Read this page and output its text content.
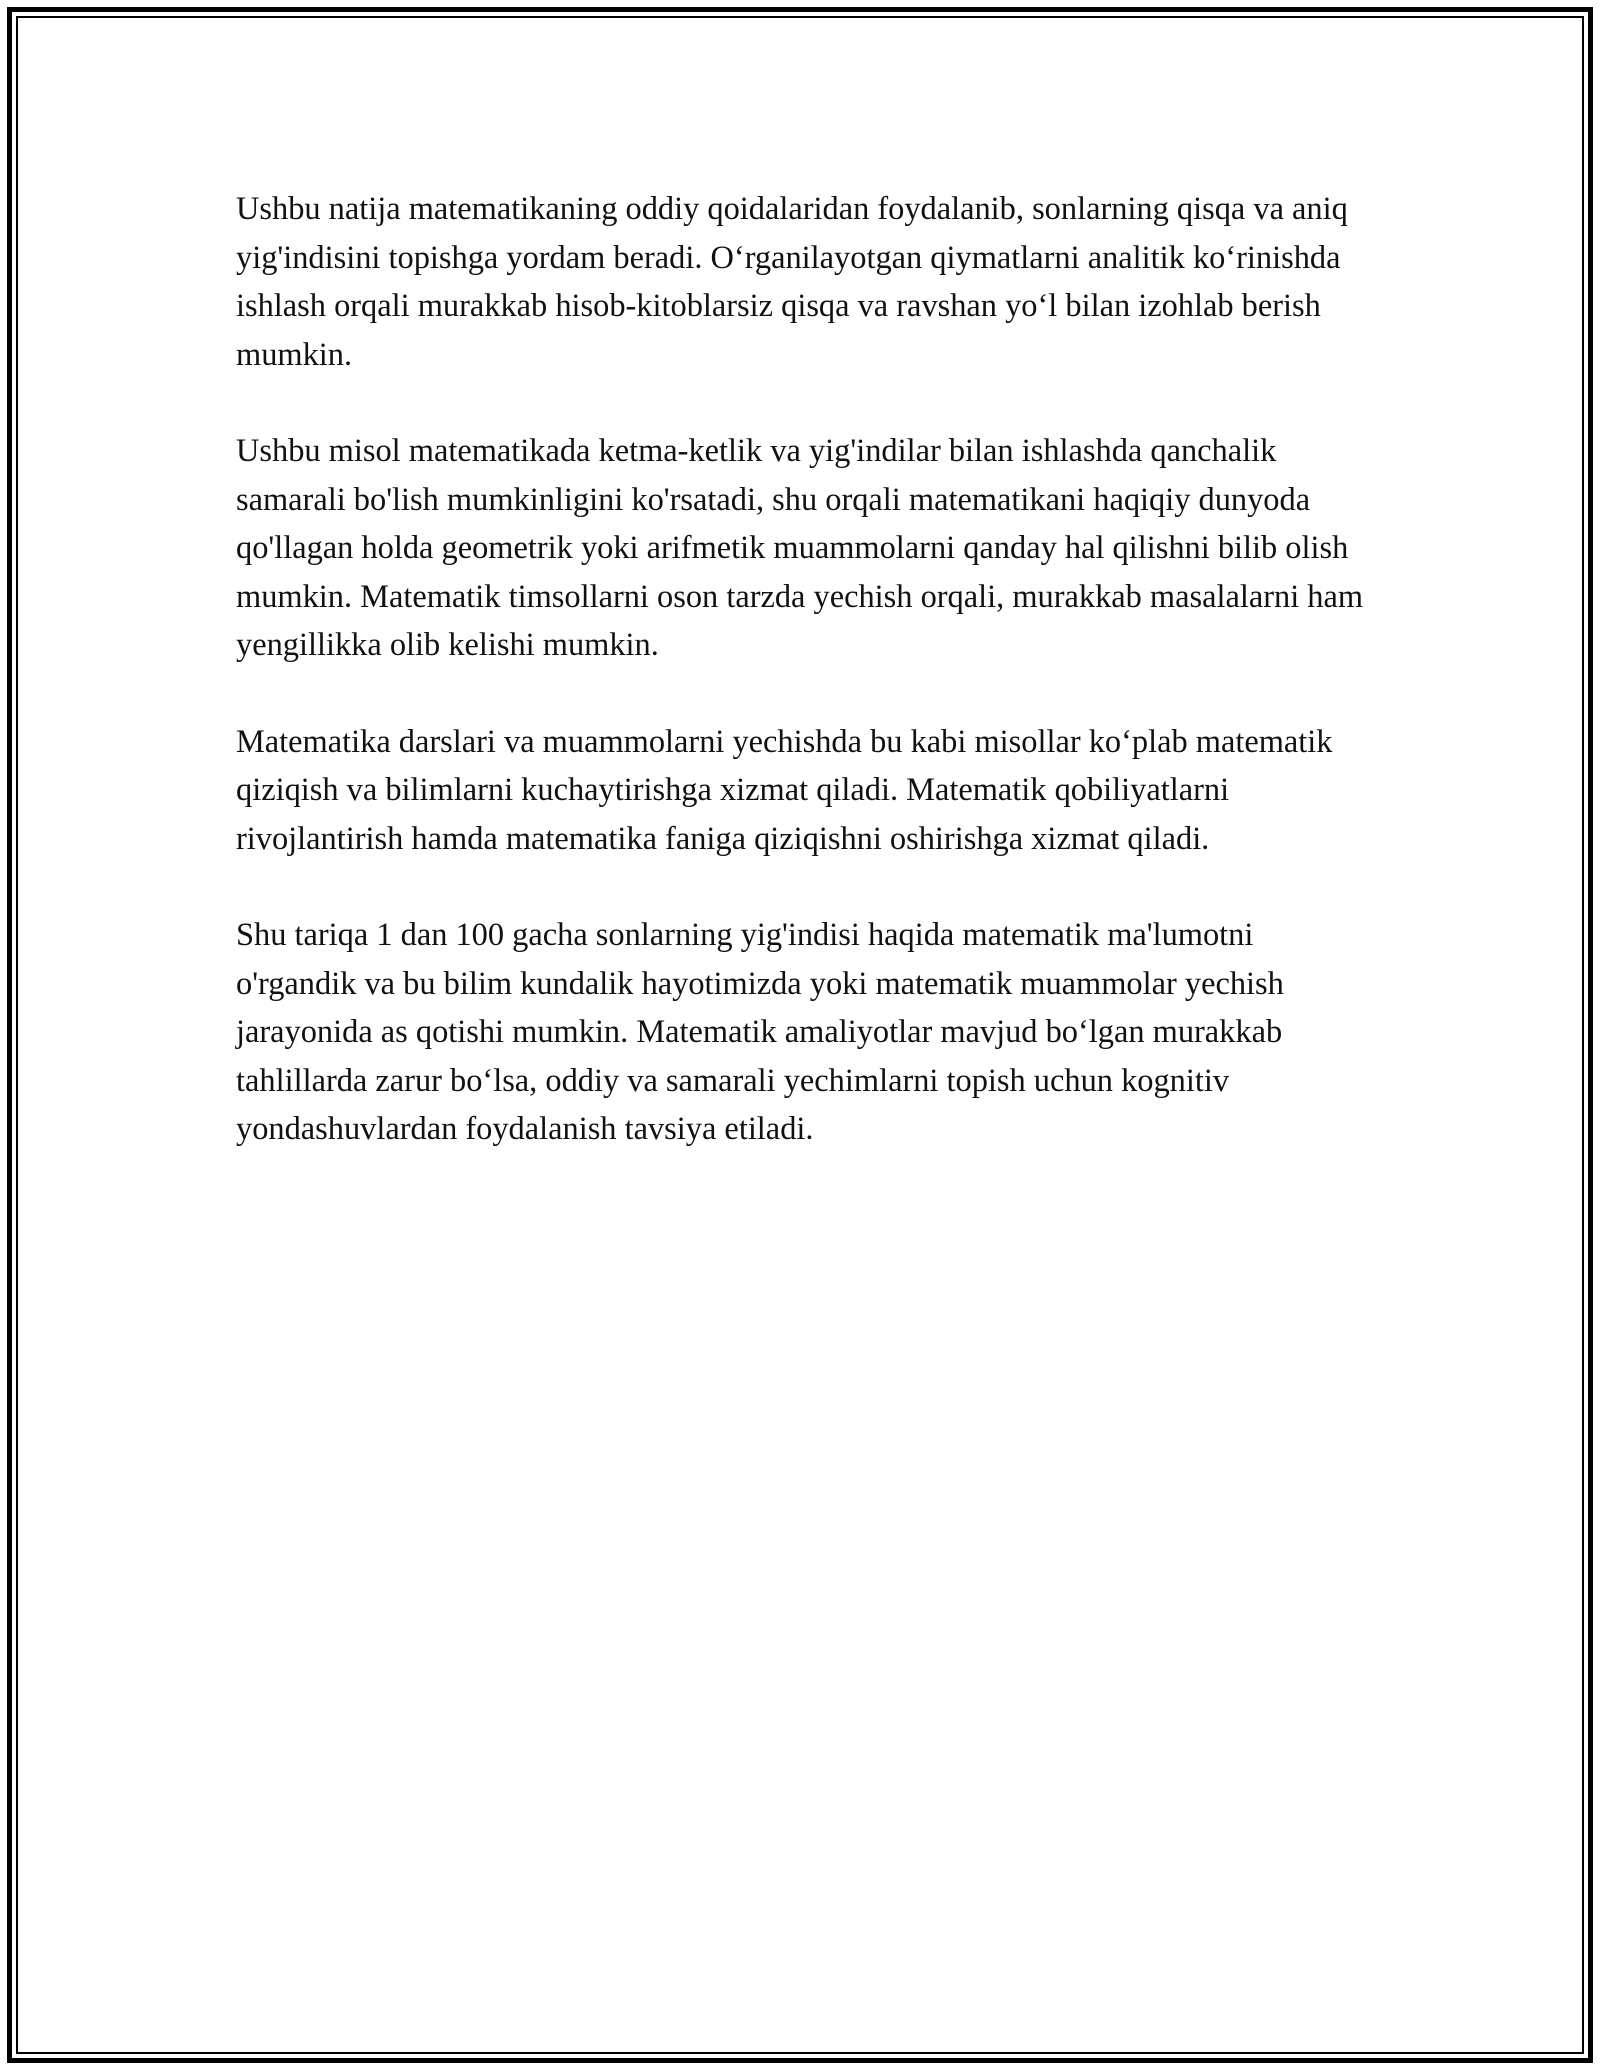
Ushbu natija matematikaning oddiy qoidalaridan foydalanib, sonlarning qisqa va aniq yig'indisini topishga yordam beradi. O‘rganilayotgan qiymatlarni analitik ko‘rinishda ishlash orqali murakkab hisob-kitoblarsiz qisqa va ravshan yo‘l bilan izohlab berish mumkin.

Ushbu misol matematikada ketma-ketlik va yig'indilar bilan ishlashda qanchalik samarali bo'lish mumkinligini ko'rsatadi, shu orqali matematikani haqiqiy dunyoda qo'llagan holda geometrik yoki arifmetik muammolarni qanday hal qilishni bilib olish mumkin. Matematik timsollarni oson tarzda yechish orqali, murakkab masalalarni ham yengillikka olib kelishi mumkin.

Matematika darslari va muammolarni yechishda bu kabi misollar ko‘plab matematik qiziqish va bilimlarni kuchaytirishga xizmat qiladi. Matematik qobiliyatlarni rivojlantirish hamda matematika faniga qiziqishni oshirishga xizmat qiladi.

Shu tariqa 1 dan 100 gacha sonlarning yig'indisi haqida matematik ma'lumotni o'rgandik va bu bilim kundalik hayotimizda yoki matematik muammolar yechish jarayonida as qotishi mumkin. Matematik amaliyotlar mavjud bo‘lgan murakkab tahlillarda zarur bo‘lsa, oddiy va samarali yechimlarni topish uchun kognitiv yondashuvlardan foydalanish tavsiya etiladi.
